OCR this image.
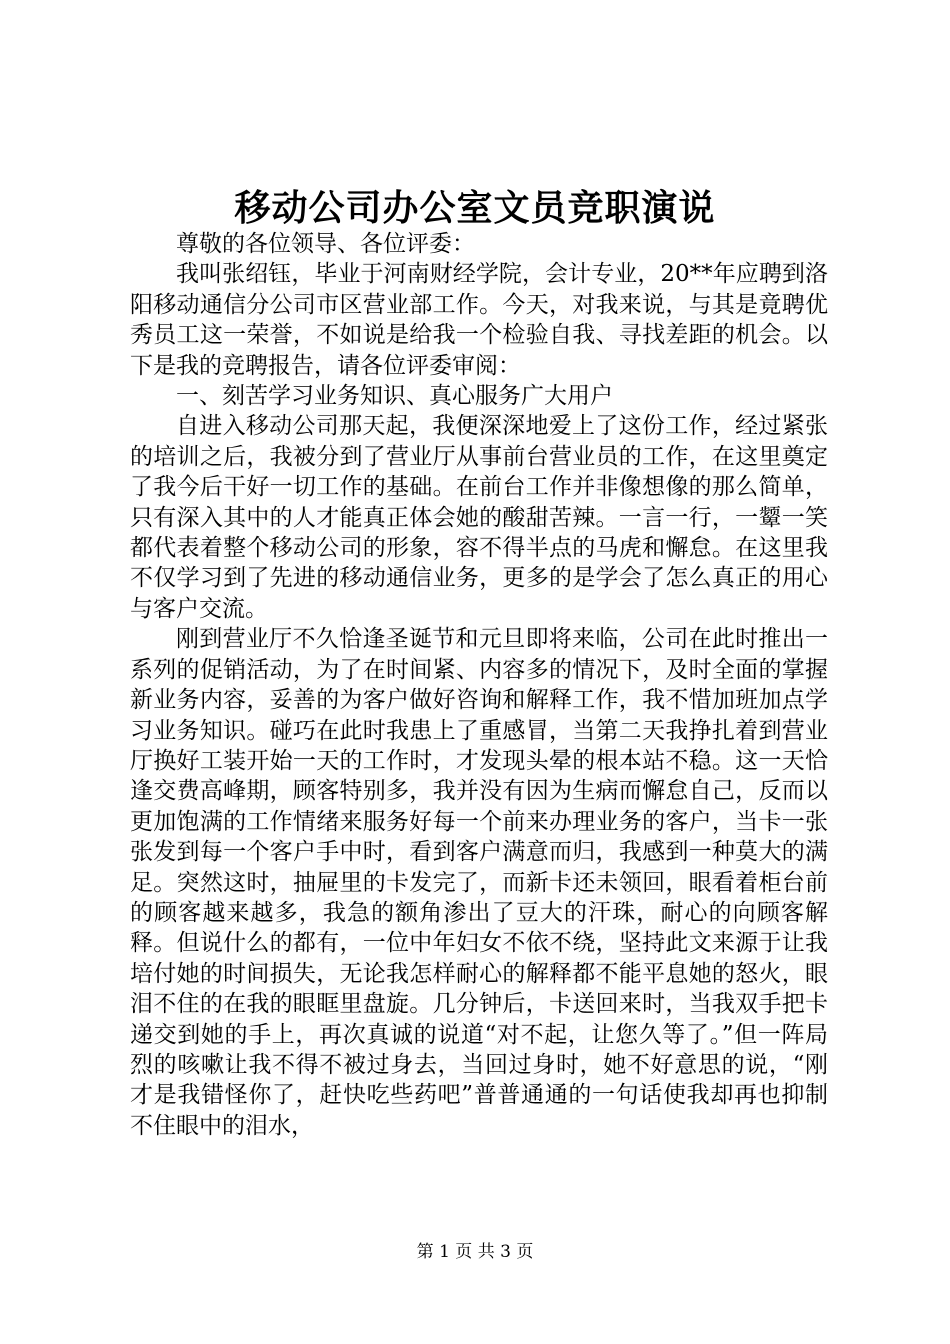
移动公司办公室文员竞职演说

尊敬的各位领导、各位评委：

我叫张绍钰，毕业于河南财经学院，会计专业，20**年应聘到洛阳移动通信分公司市区营业部工作。今天，对我来说，与其是竟聘优秀员工这一荣誉，不如说是给我一个检验自我、寻找差距的机会。以下是我的竞聘报告，请各位评委审阅：

一、刻苦学习业务知识、真心服务广大用户

自进入移动公司那天起，我便深深地爱上了这份工作，经过紧张的培训之后，我被分到了营业厅从事前台营业员的工作，在这里奠定了我今后干好一切工作的基础。在前台工作并非像想像的那么简单，只有深入其中的人才能真正体会她的酸甜苦辣。一言一行，一颦一笑都代表着整个移动公司的形象，容不得半点的马虎和懈怠。在这里我不仅学习到了先进的移动通信业务，更多的是学会了怎么真正的用心与客户交流。

刚到营业厅不久恰逢圣诞节和元旦即将来临，公司在此时推出一系列的促销活动，为了在时间紧、内容多的情况下，及时全面的掌握新业务内容，妥善的为客户做好咨询和解释工作，我不惜加班加点学习业务知识。碰巧在此时我患上了重感冒，当第二天我挣扎着到营业厅换好工装开始一天的工作时，才发现头晕的根本站不稳。这一天恰逢交费高峰期，顾客特别多，我并没有因为生病而懈怠自己，反而以更加饱满的工作情绪来服务好每一个前来办理业务的客户，当卡一张张发到每一个客户手中时，看到客户满意而归，我感到一种莫大的满足。突然这时，抽屉里的卡发完了，而新卡还未领回，眼看着柜台前的顾客越来越多，我急的额角渗出了豆大的汗珠，耐心的向顾客解释。但说什么的都有，一位中年妇女不依不绕，坚持此文来源于让我培付她的时间损失，无论我怎样耐心的解释都不能平息她的怒火，眼泪不住的在我的眼眶里盘旋。几分钟后，卡送回来时，当我双手把卡递交到她的手上，再次真诚的说道“对不起，让您久等了。”但一阵局烈的咳嗽让我不得不被过身去，当回过身时，她不好意思的说，“刚才是我错怪你了，赶快吃些药吧”普普通通的一句话使我却再也抑制不住眼中的泪水，

第 1 页 共 3 页
